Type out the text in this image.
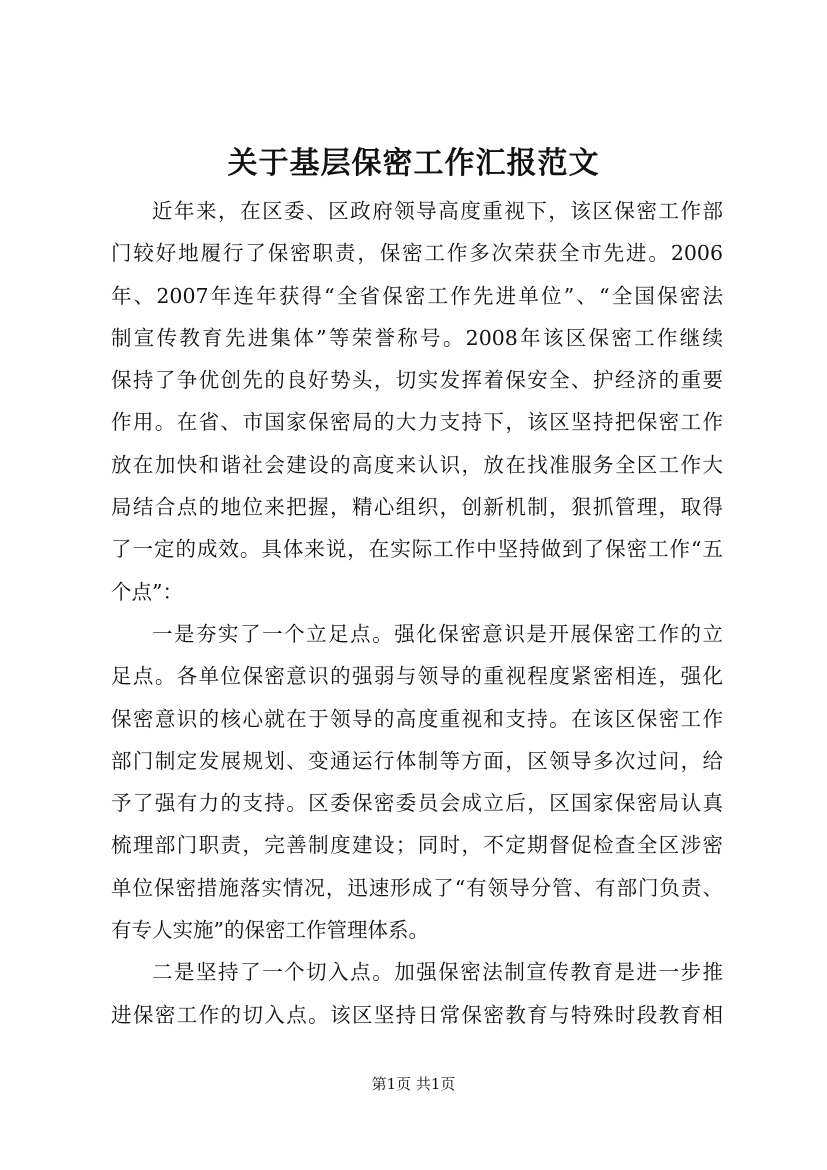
关于基层保密工作汇报范文
近年来，在区委、区政府领导高度重视下，该区保密工作部
门较好地履行了保密职责，保密工作多次荣获全市先进。2006
年、2007年连年获得“全省保密工作先进单位”、“全国保密法
制宣传教育先进集体”等荣誉称号。2008年该区保密工作继续
保持了争优创先的良好势头，切实发挥着保安全、护经济的重要
作用。在省、市国家保密局的大力支持下，该区坚持把保密工作
放在加快和谐社会建设的高度来认识，放在找准服务全区工作大
局结合点的地位来把握，精心组织，创新机制，狠抓管理，取得
了一定的成效。具体来说，在实际工作中坚持做到了保密工作“五
个点”：
一是夯实了一个立足点。强化保密意识是开展保密工作的立
足点。各单位保密意识的强弱与领导的重视程度紧密相连，强化
保密意识的核心就在于领导的高度重视和支持。在该区保密工作
部门制定发展规划、变通运行体制等方面，区领导多次过问，给
予了强有力的支持。区委保密委员会成立后，区国家保密局认真
梳理部门职责，完善制度建设；同时，不定期督促检查全区涉密
单位保密措施落实情况，迅速形成了“有领导分管、有部门负责、
有专人实施”的保密工作管理体系。
二是坚持了一个切入点。加强保密法制宣传教育是进一步推
进保密工作的切入点。该区坚持日常保密教育与特殊时段教育相
第1页 共1页
